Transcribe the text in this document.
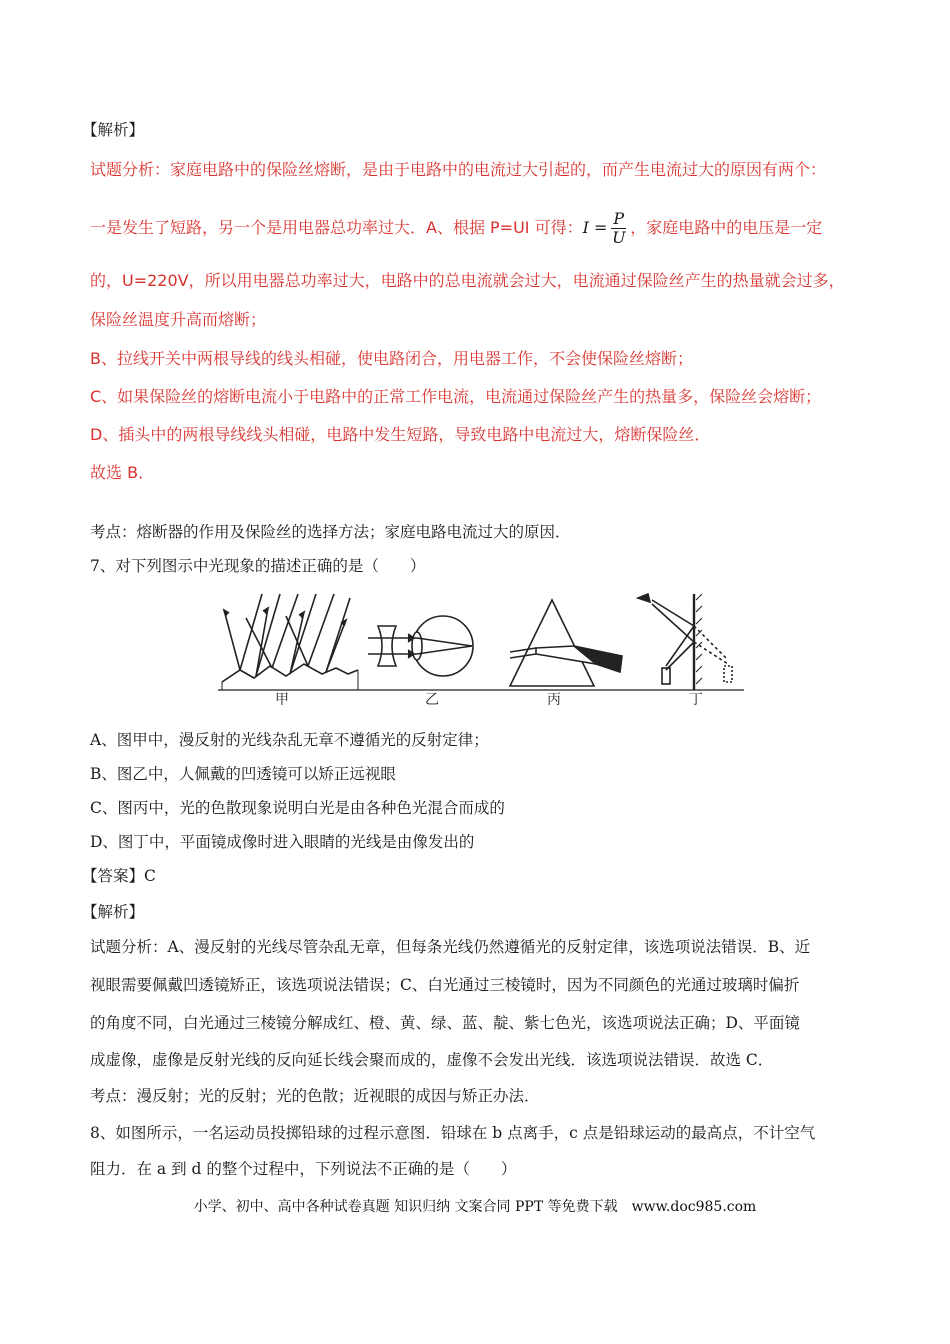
【解析】
试题分析：家庭电路中的保险丝熔断，是由于电路中的电流过大引起的，而产生电流过大的原因有两个：
一是发生了短路，另一个是用电器总功率过大．A、根据 P=UI 可得：$I = \frac{P}{U}$ ，家庭电路中的电压是一定
的，U=220V，所以用电器总功率过大，电路中的总电流就会过大，电流通过保险丝产生的热量就会过多，
保险丝温度升高而熔断；
B、拉线开关中两根导线的线头相碰，使电路闭合，用电器工作，不会使保险丝熔断；
C、如果保险丝的熔断电流小于电路中的正常工作电流，电流通过保险丝产生的热量多，保险丝会熔断；
D、插头中的两根导线线头相碰，电路中发生短路，导致电路中电流过大，熔断保险丝．
故选 B．
考点：熔断器的作用及保险丝的选择方法；家庭电路电流过大的原因．
7、对下列图示中光现象的描述正确的是（　　）
甲	乙	丙	丁
A、图甲中，漫反射的光线杂乱无章不遵循光的反射定律；
B、图乙中，人佩戴的凹透镜可以矫正远视眼
C、图丙中，光的色散现象说明白光是由各种色光混合而成的
D、图丁中，平面镜成像时进入眼睛的光线是由像发出的
【答案】C
【解析】
试题分析：A、漫反射的光线尽管杂乱无章，但每条光线仍然遵循光的反射定律，该选项说法错误．B、近
视眼需要佩戴凹透镜矫正，该选项说法错误；C、白光通过三棱镜时，因为不同颜色的光通过玻璃时偏折
的角度不同，白光通过三棱镜分解成红、橙、黄、绿、蓝、靛、紫七色光，该选项说法正确；D、平面镜
成虚像，虚像是反射光线的反向延长线会聚而成的，虚像不会发出光线．该选项说法错误．故选 C．
考点：漫反射；光的反射；光的色散；近视眼的成因与矫正办法．
8、如图所示，一名运动员投掷铅球的过程示意图．铅球在 b 点离手，c 点是铅球运动的最高点，不计空气
阻力．在 a 到 d 的整个过程中，下列说法不正确的是（　　）
小学、初中、高中各种试卷真题 知识归纳 文案合同 PPT 等免费下载　www.doc985.com
